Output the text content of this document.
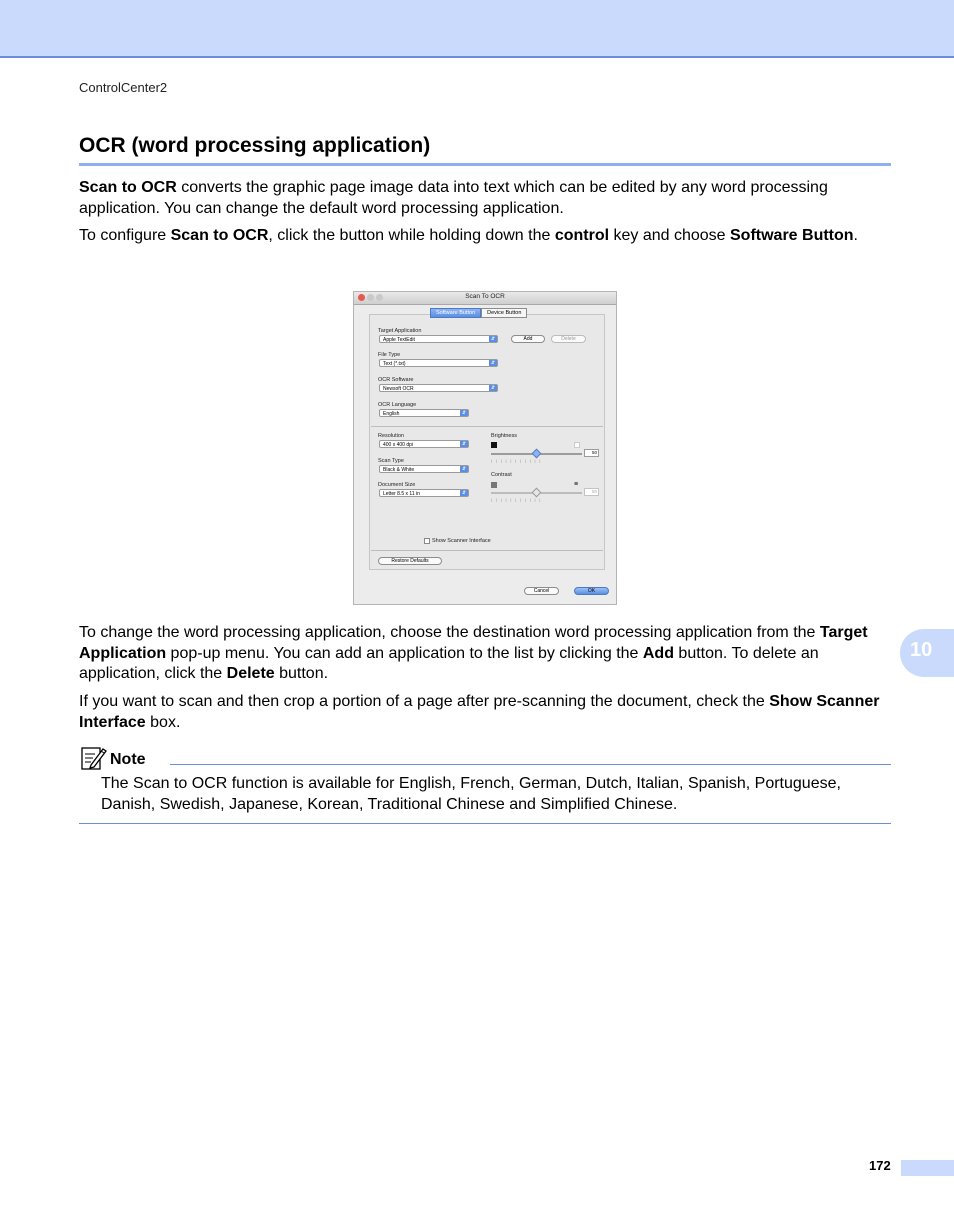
ControlCenter2
OCR (word processing application)
Scan to OCR converts the graphic page image data into text which can be edited by any word processing application. You can change the default word processing application.
To configure Scan to OCR, click the button while holding down the control key and choose Software Button.
Scan To OCR
Target Application
Apple TextEdit	⇵	Add	Delete
File Type
Text (*.txt)	⇵
OCR Software
Newsoft OCR	⇵
OCR Language
English	⇵
Resolution
400 x 400 dpi	⇵
Scan Type
Black & White	⇵
Document Size
Letter 8.5 x 11 in	⇵
Brightness
|||||||||||
50
Contrast
≡
|||||||||||
50
Show Scanner Interface
Restore Defaults
Software Button	Device Button
Cancel	OK
To change the word processing application, choose the destination word processing application from the Target Application pop-up menu. You can add an application to the list by clicking the Add button. To delete an application, click the Delete button.
If you want to scan and then crop a portion of a page after pre-scanning the document, check the Show Scanner Interface box.
10
Note
The Scan to OCR function is available for English, French, German, Dutch, Italian, Spanish, Portuguese, Danish, Swedish, Japanese, Korean, Traditional Chinese and Simplified Chinese.
172
